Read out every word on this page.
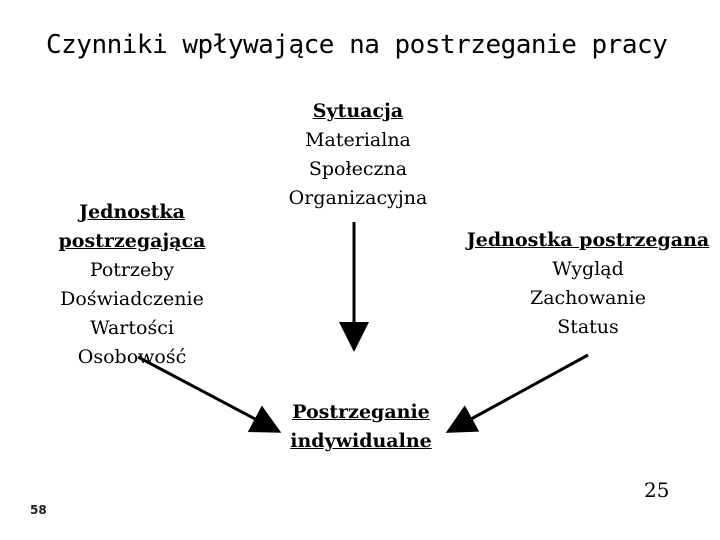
Czynniki wpływające na postrzeganie pracy
Jednostka
postrzegająca
Potrzeby
Doświadczenie
Wartości
Osobowość
Sytuacja
Materialna
Społeczna
Organizacyjna
Jednostka postrzegana
Wygląd
Zachowanie
Status
Postrzeganie
indywidualne
25
58
